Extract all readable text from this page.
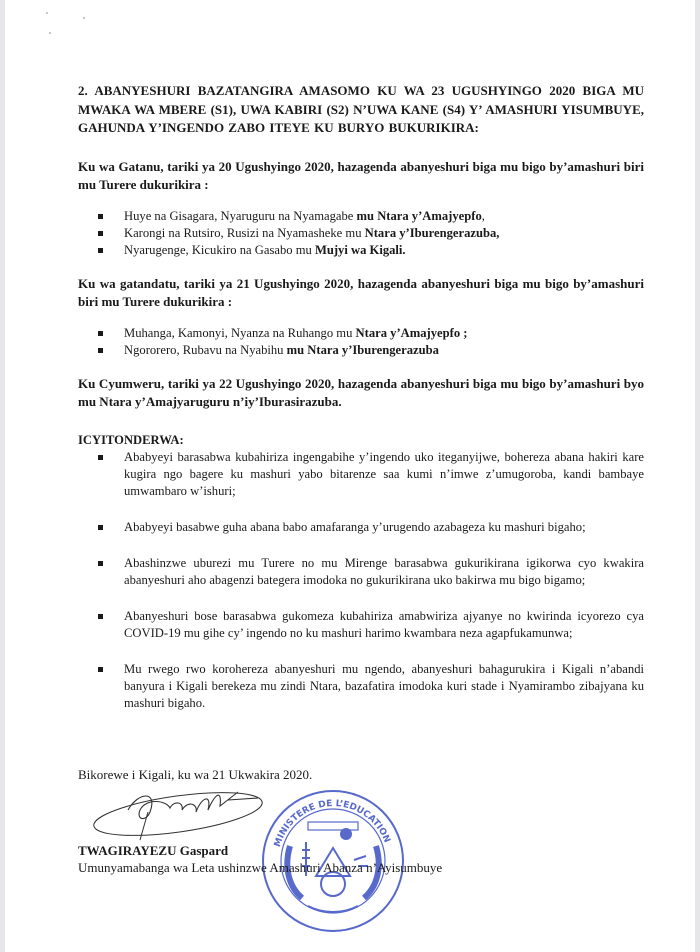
2. ABANYESHURI BAZATANGIRA AMASOMO KU WA 23 UGUSHYINGO 2020 BIGA MU MWAKA WA MBERE (S1), UWA KABIRI (S2) N’UWA KANE (S4) Y’ AMASHURI YISUMBUYE, GAHUNDA Y’INGENDO ZABO ITEYE KU BURYO BUKURIKIRA:

Ku wa Gatanu, tariki ya 20 Ugushyingo 2020, hazagenda abanyeshuri biga mu bigo by’amashuri biri mu Turere dukurikira :

Huye na Gisagara, Nyaruguru na Nyamagabe mu Ntara y’Amajyepfo,
Karongi na Rutsiro, Rusizi na Nyamasheke mu Ntara y’Iburengerazuba,
Nyarugenge, Kicukiro na Gasabo mu Mujyi wa Kigali.

Ku wa gatandatu, tariki ya 21 Ugushyingo 2020, hazagenda abanyeshuri biga mu bigo by’amashuri biri mu Turere dukurikira :

Muhanga, Kamonyi, Nyanza na Ruhango mu Ntara y’Amajyepfo ;
Ngororero, Rubavu na Nyabihu mu Ntara y’Iburengerazuba

Ku Cyumweru, tariki ya 22 Ugushyingo 2020, hazagenda abanyeshuri biga mu bigo by’amashuri byo mu Ntara y’Amajyaruguru n’iy’Iburasirazuba.

ICYITONDERWA:

Ababyeyi barasabwa kubahiriza ingengabihe y’ingendo uko iteganyijwe, bohereza abana hakiri kare kugira ngo bagere ku mashuri yabo bitarenze saa kumi n’imwe z’umugoroba, kandi bambaye umwambaro w’ishuri;
Ababyeyi basabwe guha abana babo amafaranga y’urugendo azabageza ku mashuri bigaho;
Abashinzwe uburezi mu Turere no mu Mirenge barasabwa gukurikirana igikorwa cyo kwakira abanyeshuri aho abagenzi bategera imodoka no gukurikirana uko bakirwa mu bigo bigamo;
Abanyeshuri bose barasabwa gukomeza kubahiriza amabwiriza ajyanye no kwirinda icyorezo cya COVID-19 mu gihe cy’ ingendo no ku mashuri harimo kwambara neza agapfukamunwa;
Mu rwego rwo korohereza abanyeshuri mu ngendo, abanyeshuri bahagurukira i Kigali n’abandi banyura i Kigali berekeza mu zindi Ntara, bazafatira imodoka kuri stade i Nyamirambo zibajyana ku mashuri bigaho.

Bikorewe i Kigali, ku wa 21 Ukwakira 2020.

MINISTERE DE L’EDUCATION

TWAGIRAYEZU Gaspard

Umunyamabanga wa Leta ushinzwe Amashuri Abanza n’Ayisumbuye
